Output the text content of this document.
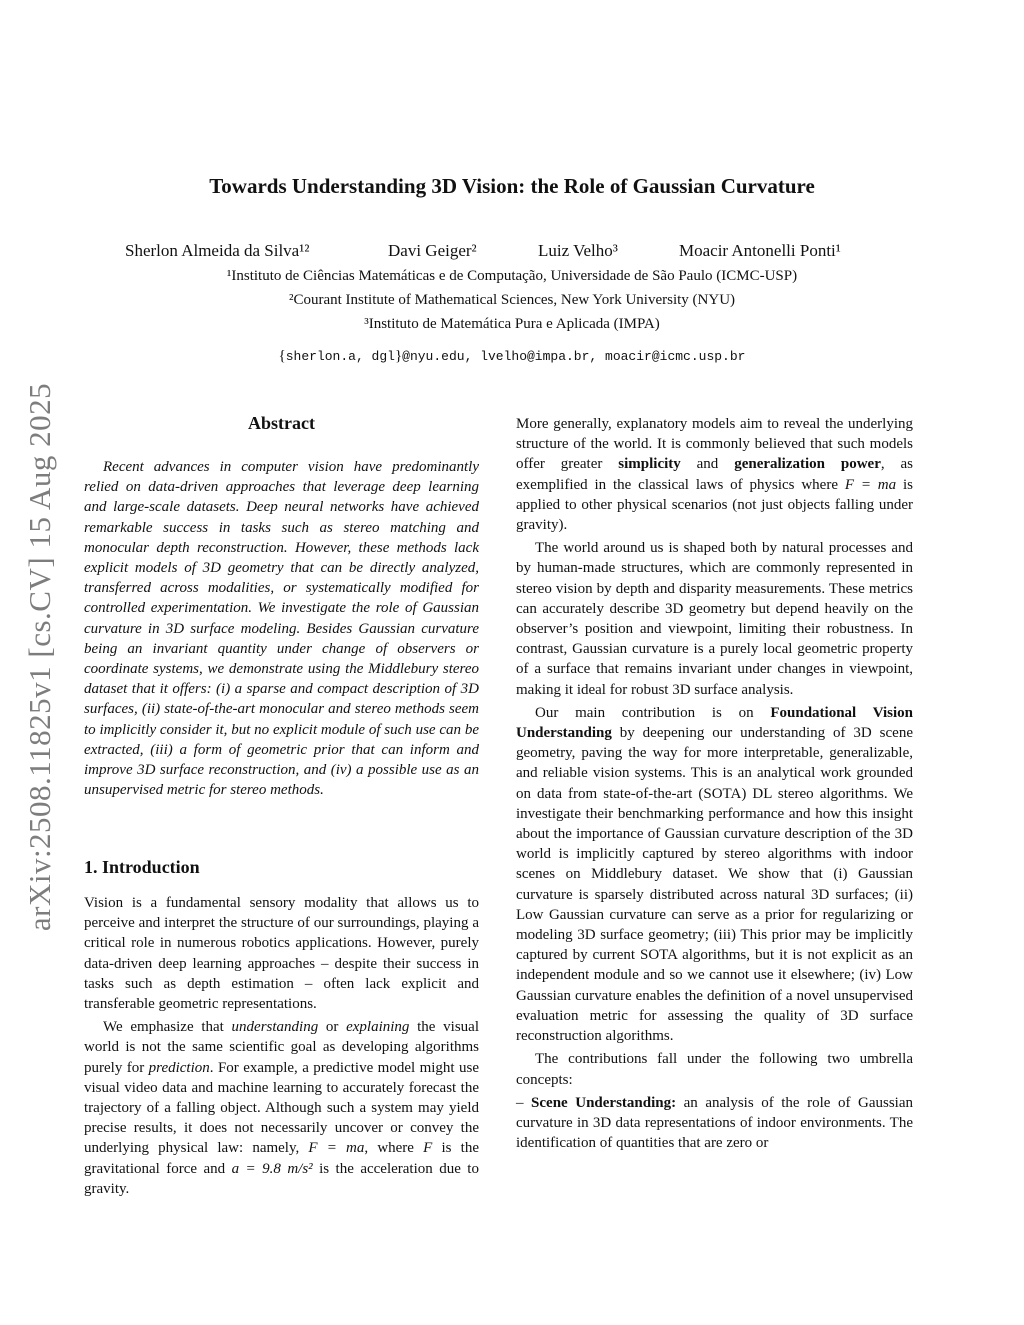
arXiv:2508.11825v1 [cs.CV] 15 Aug 2025
Towards Understanding 3D Vision: the Role of Gaussian Curvature
Sherlon Almeida da Silva¹²	Davi Geiger²	Luiz Velho³	Moacir Antonelli Ponti¹
¹Instituto de Ciências Matemáticas e de Computação, Universidade de São Paulo (ICMC-USP)
²Courant Institute of Mathematical Sciences, New York University (NYU)
³Instituto de Matemática Pura e Aplicada (IMPA)
{sherlon.a, dgl}@nyu.edu, lvelho@impa.br, moacir@icmc.usp.br
Abstract
Recent advances in computer vision have predominantly relied on data-driven approaches that leverage deep learning and large-scale datasets. Deep neural networks have achieved remarkable success in tasks such as stereo matching and monocular depth reconstruction. However, these methods lack explicit models of 3D geometry that can be directly analyzed, transferred across modalities, or systematically modified for controlled experimentation. We investigate the role of Gaussian curvature in 3D surface modeling. Besides Gaussian curvature being an invariant quantity under change of observers or coordinate systems, we demonstrate using the Middlebury stereo dataset that it offers: (i) a sparse and compact description of 3D surfaces, (ii) state-of-the-art monocular and stereo methods seem to implicitly consider it, but no explicit module of such use can be extracted, (iii) a form of geometric prior that can inform and improve 3D surface reconstruction, and (iv) a possible use as an unsupervised metric for stereo methods.
1. Introduction

Vision is a fundamental sensory modality that allows us to perceive and interpret the structure of our surroundings, playing a critical role in numerous robotics applications. However, purely data-driven deep learning approaches – despite their success in tasks such as depth estimation – often lack explicit and transferable geometric representations.

We emphasize that understanding or explaining the visual world is not the same scientific goal as developing algorithms purely for prediction. For example, a predictive model might use visual video data and machine learning to accurately forecast the trajectory of a falling object. Although such a system may yield precise results, it does not necessarily uncover or convey the underlying physical law: namely, F = ma, where F is the gravitational force and a = 9.8 m/s² is the acceleration due to gravity.

More generally, explanatory models aim to reveal the underlying structure of the world. It is commonly believed that such models offer greater simplicity and generalization power, as exemplified in the classical laws of physics where F = ma is applied to other physical scenarios (not just objects falling under gravity).

The world around us is shaped both by natural processes and by human-made structures, which are commonly represented in stereo vision by depth and disparity measurements. These metrics can accurately describe 3D geometry but depend heavily on the observer’s position and viewpoint, limiting their robustness. In contrast, Gaussian curvature is a purely local geometric property of a surface that remains invariant under changes in viewpoint, making it ideal for robust 3D surface analysis.

Our main contribution is on Foundational Vision Understanding by deepening our understanding of 3D scene geometry, paving the way for more interpretable, generalizable, and reliable vision systems. This is an analytical work grounded on data from state-of-the-art (SOTA) DL stereo algorithms. We investigate their benchmarking performance and how this insight about the importance of Gaussian curvature description of the 3D world is implicitly captured by stereo algorithms with indoor scenes on Middlebury dataset. We show that (i) Gaussian curvature is sparsely distributed across natural 3D surfaces; (ii) Low Gaussian curvature can serve as a prior for regularizing or modeling 3D surface geometry; (iii) This prior may be implicitly captured by current SOTA algorithms, but it is not explicit as an independent module and so we cannot use it elsewhere; (iv) Low Gaussian curvature enables the definition of a novel unsupervised evaluation metric for assessing the quality of 3D surface reconstruction algorithms.

The contributions fall under the following two umbrella concepts:

– Scene Understanding: an analysis of the role of Gaussian curvature in 3D data representations of indoor environments. The identification of quantities that are zero or
